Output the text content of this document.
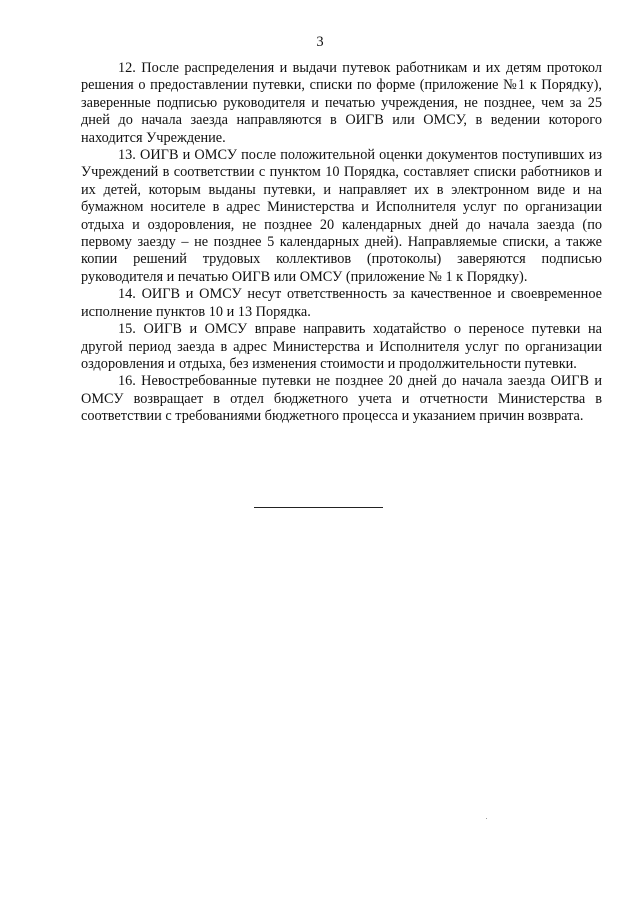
3

12. После распределения и выдачи путевок работникам и их детям протокол решения о предоставлении путевки, списки по форме (приложение №1 к Порядку), заверенные подписью руководителя и печатью учреждения, не позднее, чем за 25 дней до начала заезда направляются в ОИГВ или ОМСУ, в ведении которого находится Учреждение.

13. ОИГВ и ОМСУ после положительной оценки документов поступивших из Учреждений в соответствии с пунктом 10 Порядка, составляет списки работников и их детей, которым выданы путевки, и направляет их в электронном виде и на бумажном носителе в адрес Министерства и Исполнителя услуг по организации отдыха и оздоровления, не позднее 20 календарных дней до начала заезда (по первому заезду – не позднее 5 календарных дней). Направляемые списки, а также копии решений трудовых коллективов (протоколы) заверяются подписью руководителя и печатью ОИГВ или ОМСУ (приложение № 1 к Порядку).

14. ОИГВ и ОМСУ несут ответственность за качественное и своевременное исполнение пунктов 10 и 13 Порядка.

15. ОИГВ и ОМСУ вправе направить ходатайство о переносе путевки на другой период заезда в адрес Министерства и Исполнителя услуг по организации оздоровления и отдыха, без изменения стоимости и продолжительности путевки.

16. Невостребованные путевки не позднее 20 дней до начала заезда ОИГВ и ОМСУ возвращает в отдел бюджетного учета и отчетности Министерства в соответствии с требованиями бюджетного процесса и указанием причин возврата.
